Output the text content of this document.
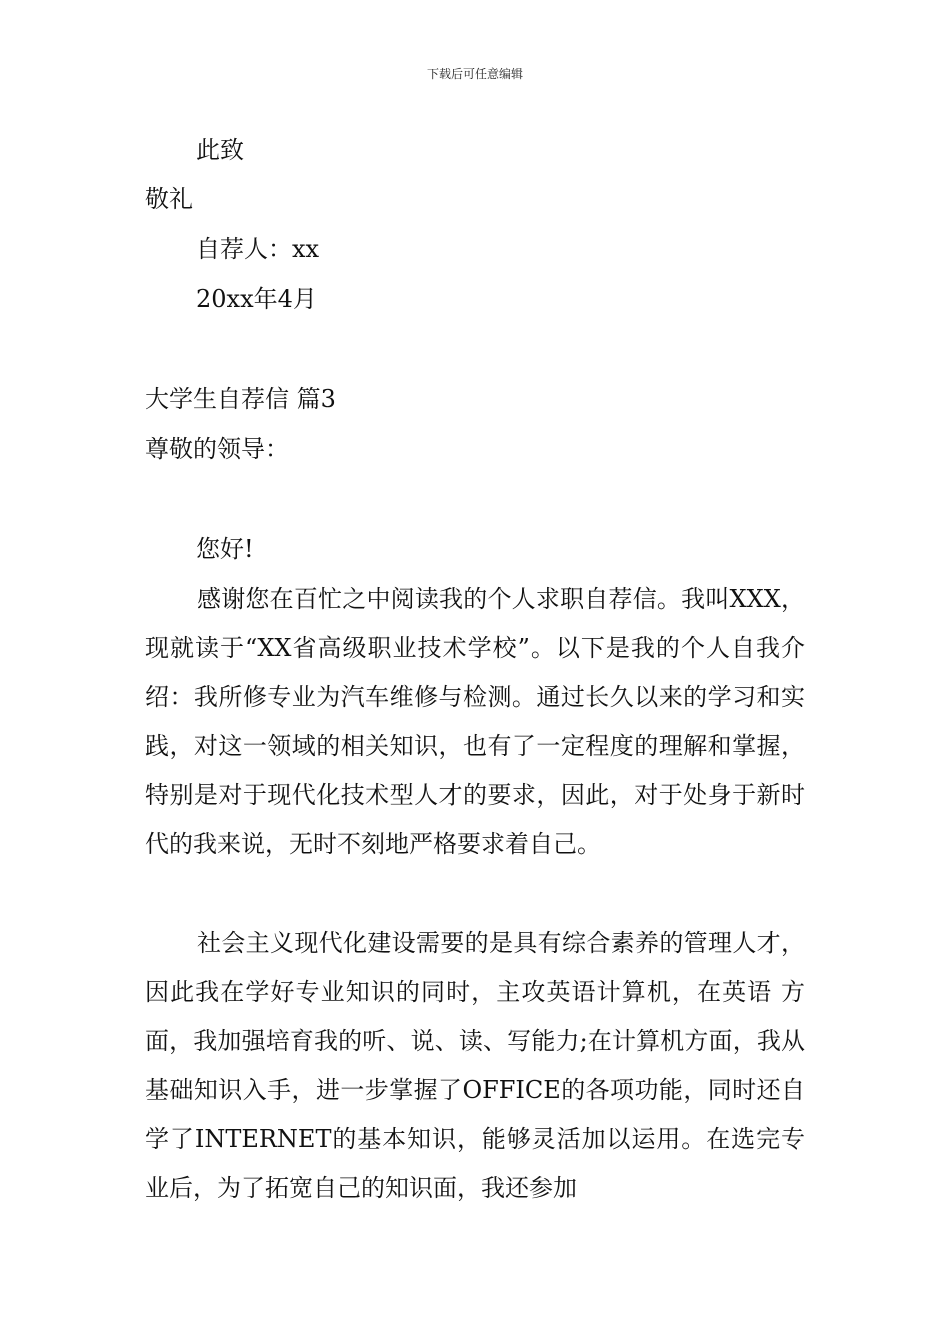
下载后可任意编辑
此致
敬礼
自荐人：xx
20xx年4月
大学生自荐信 篇3
尊敬的领导：
您好!
感谢您在百忙之中阅读我的个人求职自荐信。我叫XXX，现就读于“XX省高级职业技术学校”。以下是我的个人自我介绍：我所修专业为汽车维修与检测。通过长久以来的学习和实践，对这一领域的相关知识，也有了一定程度的理解和掌握，特别是对于现代化技术型人才的要求，因此，对于处身于新时代的我来说，无时不刻地严格要求着自己。
社会主义现代化建设需要的是具有综合素养的管理人才，因此我在学好专业知识的同时，主攻英语计算机，在英语 方面，我加强培育我的听、说、读、写能力;在计算机方面，我从基础知识入手，进一步掌握了OFFICE的各项功能，同时还自学了INTERNET的基本知识，能够灵活加以运用。在选完专业后，为了拓宽自己的知识面，我还参加
